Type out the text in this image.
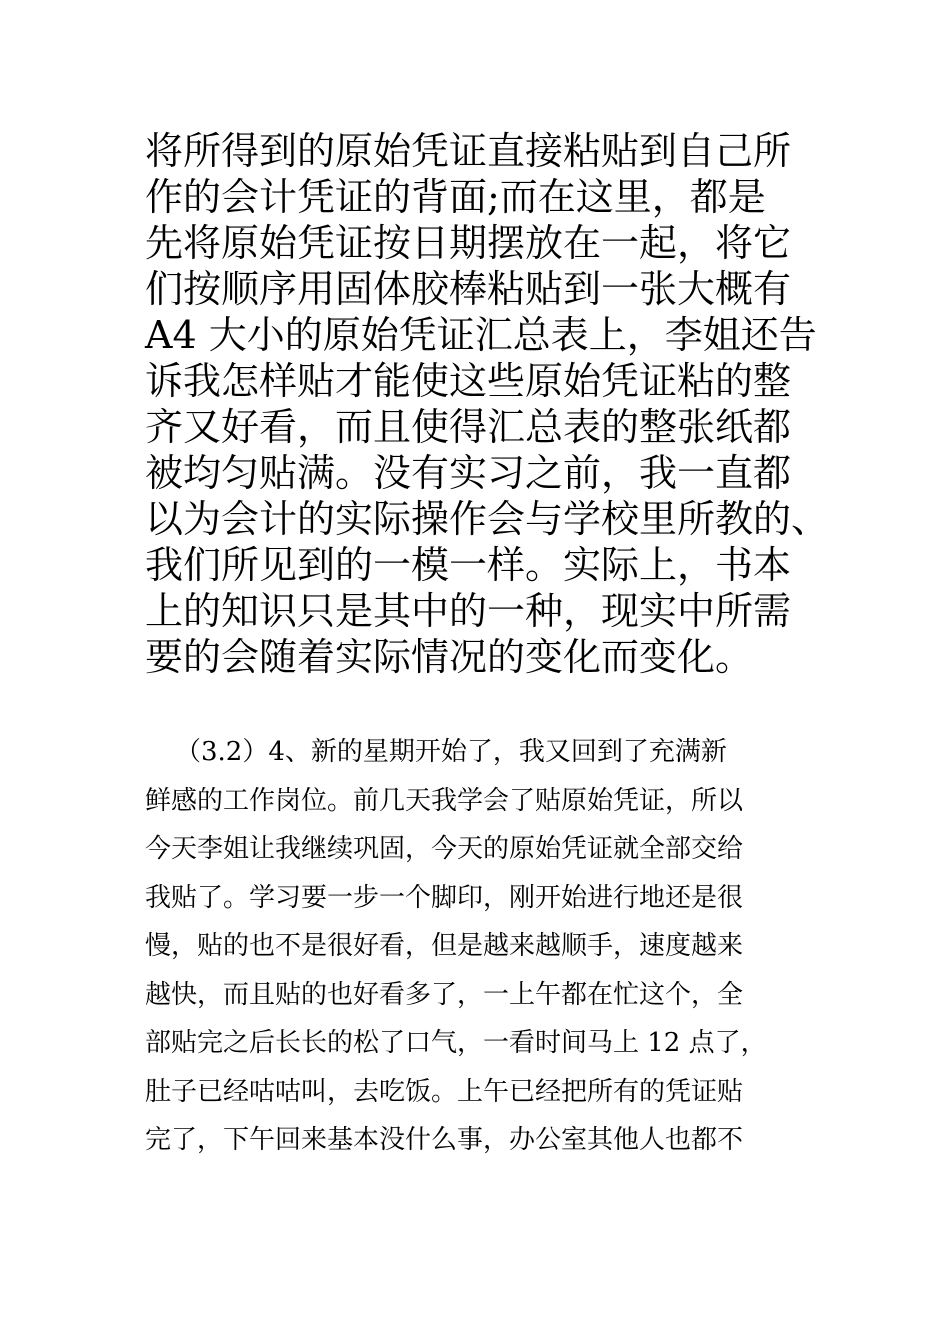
将所得到的原始凭证直接粘贴到自己所
作的会计凭证的背面;而在这里，都是
先将原始凭证按日期摆放在一起，将它
们按顺序用固体胶棒粘贴到一张大概有
A4 大小的原始凭证汇总表上，李姐还告
诉我怎样贴才能使这些原始凭证粘的整
齐又好看，而且使得汇总表的整张纸都
被均匀贴满。没有实习之前，我一直都
以为会计的实际操作会与学校里所教的、
我们所见到的一模一样。实际上，书本
上的知识只是其中的一种，现实中所需
要的会随着实际情况的变化而变化。
（3.2）4、新的星期开始了，我又回到了充满新
鲜感的工作岗位。前几天我学会了贴原始凭证，所以
今天李姐让我继续巩固，今天的原始凭证就全部交给
我贴了。学习要一步一个脚印，刚开始进行地还是很
慢，贴的也不是很好看，但是越来越顺手，速度越来
越快，而且贴的也好看多了，一上午都在忙这个，全
部贴完之后长长的松了口气，一看时间马上 12 点了，
肚子已经咕咕叫，去吃饭。上午已经把所有的凭证贴
完了，下午回来基本没什么事，办公室其他人也都不
